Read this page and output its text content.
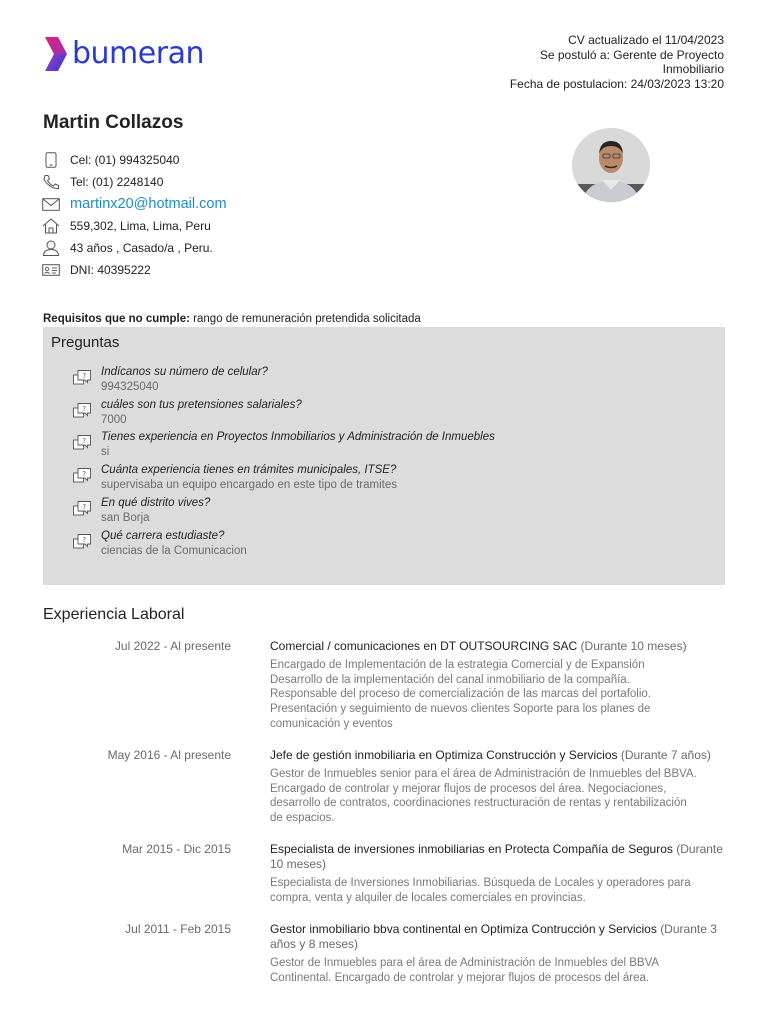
bumeran	CV actualizado el 11/04/2023
Se postuló a: Gerente de Proyecto
Inmobiliario
Fecha de postulacion: 24/03/2023 13:20
Martin Collazos
Cel: (01) 994325040
Tel: (01) 2248140
martinx20@hotmail.com
559,302, Lima, Lima, Peru
43 años , Casado/a , Peru.
DNI: 40395222
Requisitos que no cumple: rango de remuneración pretendida solicitada
Preguntas
? Indícanos su número de celular?
994325040
? cuáles son tus pretensiones salariales?
7000
? Tienes experiencia en Proyectos Inmobiliarios y Administración de Inmuebles
si
? Cuánta experiencia tienes en trámites municipales, ITSE?
supervisaba un equipo encargado en este tipo de tramites
? En qué distrito vives?
san Borja
? Qué carrera estudiaste?
ciencias de la Comunicacion
Experiencia Laboral
Jul 2022 - Al presente	Comercial / comunicaciones en DT OUTSOURCING SAC (Durante 10 meses)
Encargado de Implementación de la estrategia Comercial y de Expansión
Desarrollo de la implementación del canal inmobiliario de la compañía.
Responsable del proceso de comercialización de las marcas del portafolio.
Presentación y seguimiento de nuevos clientes Soporte para los planes de
comunicación y eventos
May 2016 - Al presente	Jefe de gestión inmobiliaria en Optimiza Construcción y Servicios (Durante 7 años)
Gestor de Inmuebles senior para el área de Administración de Inmuebles del BBVA.
Encargado de controlar y mejorar flujos de procesos del área. Negociaciones,
desarrollo de contratos, coordinaciones restructuración de rentas y rentabilización
de espacios.
Mar 2015 - Dic 2015	Especialista de inversiones inmobiliarias en Protecta Compañía de Seguros (Durante 10 meses)
Especialista de Inversiones Inmobiliarias. Búsqueda de Locales y operadores para
compra, venta y alquiler de locales comerciales en provincias.
Jul 2011 - Feb 2015	Gestor inmobiliario bbva continental en Optimiza Contrucción y Servicios (Durante 3 años y 8 meses)
Gestor de Inmuebles para el área de Administración de Inmuebles del BBVA
Continental. Encargado de controlar y mejorar flujos de procesos del área.
